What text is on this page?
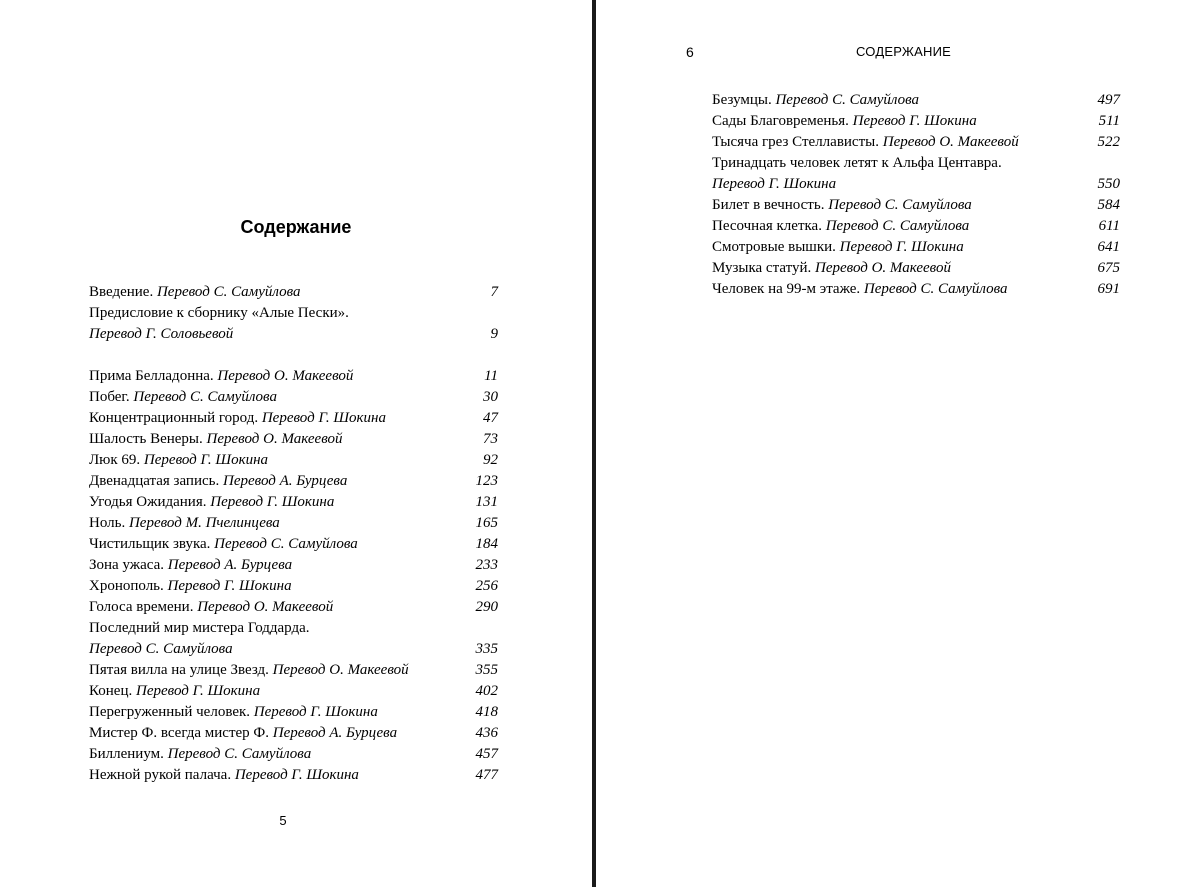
Содержание
Введение. Перевод С. Самуйлова	7
Предисловие к сборнику «Алые Пески».
Перевод Г. Соловьевой	9
Прима Белладонна. Перевод О. Макеевой	11
Побег. Перевод С. Самуйлова	30
Концентрационный город. Перевод Г. Шокина	47
Шалость Венеры. Перевод О. Макеевой	73
Люк 69. Перевод Г. Шокина	92
Двенадцатая запись. Перевод А. Бурцева	123
Угодья Ожидания. Перевод Г. Шокина	131
Ноль. Перевод М. Пчелинцева	165
Чистильщик звука. Перевод С. Самуйлова	184
Зона ужаса. Перевод А. Бурцева	233
Хронополь. Перевод Г. Шокина	256
Голоса времени. Перевод О. Макеевой	290
Последний мир мистера Годдарда.
Перевод С. Самуйлова	335
Пятая вилла на улице Звезд. Перевод О. Макеевой	355
Конец. Перевод Г. Шокина	402
Перегруженный человек. Перевод Г. Шокина	418
Мистер Ф. всегда мистер Ф. Перевод А. Бурцева	436
Биллениум. Перевод С. Самуйлова	457
Нежной рукой палача. Перевод Г. Шокина	477
5
6	СОДЕРЖАНИЕ
Безумцы. Перевод С. Самуйлова	497
Сады Благовременья. Перевод Г. Шокина	511
Тысяча грез Стеллависты. Перевод О. Макеевой	522
Тринадцать человек летят к Альфа Центавра.
Перевод Г. Шокина	550
Билет в вечность. Перевод С. Самуйлова	584
Песочная клетка. Перевод С. Самуйлова	611
Смотровые вышки. Перевод Г. Шокина	641
Музыка статуй. Перевод О. Макеевой	675
Человек на 99-м этаже. Перевод С. Самуйлова	691
